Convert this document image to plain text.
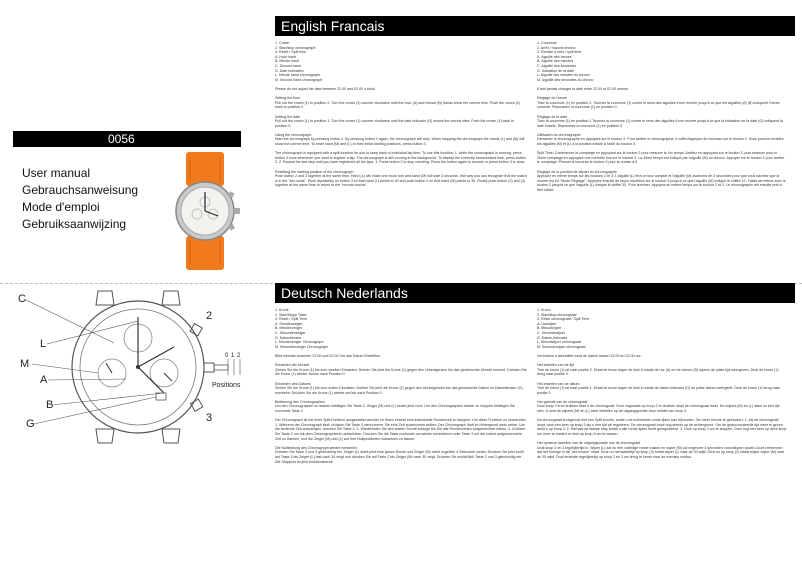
English Francais
0056
User manual
Gebrauchsanweisung
Mode d'emploi
Gebruiksaanwijzing

1. Crown
2. Start/stop chronograph
3. Reset / Split time
A. Hour hand
B. Minute hand
C. Second hand
G. Date indication
L. Minute hand chronograph
M. Second hand chronograph

Please do not adjust the date between 22.00 and 02.00 o'clock.

Setting the time
Pull out the crown (1) to position 2. Turn the crown (1) counter clockwise until the hour (A) and minute (B) hands show the correct time. Push the crown (1) back to position 0.

Setting the date
Pull out the crown (1) to position 1. Turn the crown (1) counter clockwise until the date indicator (G) shows the correct date. Push the crown (1) back to position 0.

Using the chronograph
Start the chronograph by pressing button 2. By pressing button 2 again, the chronograph will stop. When stopping the chronograph the hands (L) and (M) will show the correct time. To reset hand (M) and (L) to their initial starting positions, press button 3.

The chronograph is equipped with a split function for you to keep track of individual lap time. To use this function: 1. while the chronograph is running, press button 3 once whenever you want to register a lap. The chronograph is still running in the background. To display the currently accumulated time, press button 3. 2. Repeat the last step until you have registered all the laps. 3. Press button 2 to stop counting. Press the button again to resume or press button 3 to clear.

Resetting the starting position of the chronograph
Push button 2 and 3 together at the same time. Hand (L) will make one clock turn and hand (M) will start 4 seconds, that way you can recognize that the watch is in the "set-mode". Push repeatedly on button 3 so that hand (L) points to 30 and push button 2 so that hand (M) points to 30. Finally push button (2) and (3) together at the same time to return to the "normal-modus".

1. Couronne
2. Arrêt / marche chrono
3. Remise à zéro / split time
A. Aiguille des heures
B. Aiguille des minutes
C. Aiguille des secondes
G. Indication de la date
L. Aiguille des minutes du chrono
M. Aiguille des secondes du chrono

Il faut jamais changer la date entre 22.00 et 02.00 heures.

Réglage de l'heure
Tirez la couronne (1) en position 2. Tournez la couronne (1) contre le sens des aiguilles d'une montre jusqu'à ce que les aiguilles (A) (B) indiquent l'heure correcte. Repoussez la couronne (1) en position 0.

Réglage de la date
Tirez la couronne (1) en position 1 Tournez la couronne (1) contre le sens des aiguilles d'une montre jusqu'à ce que la indication de la date (G) indiquent la date exacte. Repoussez la couronne (1) en position 0.

Utilisation du chronographe
Démarrez le chronographe en appuyant sur le bouton 2. Pour arrêter le chronographe, il suffit d'appuyer de nouveau sur le bouton 2. Vous pouvez remettre les aiguilles (M) et (L) à la position initiale à l'aide du bouton 3.

Split Time: Commencer le comptage en appuyant sur le bouton 2 pour mesurer le 1er temps. Arrêtez en appuyant sur le bouton 3, puis relancer pour le 2ème comptage en appuyant une nouvelle fois sur le bouton 3. La 3ème temps est indiqué par l'aiguille (M) du chrono. Appuyer sur le bouton 2 pour arrêter le comptage. Presser à nouveau le bouton 3 pour la remise à 0.

Réglage de la position de départ du chronographe
Appuyez en même temps sur les boutons 2 et 3. L'aiguille (L) fera un tour complet et l'aiguille (M) avancera de 4 secondes pour que vous sachiez que la montre est en "Mode Réglage". Appuyez ensuite de façon répétitive sur le bouton 3 jusqu'à ce que l'aiguille (M) indique le chiffre 12. Faites de même avec le bouton 2 jusqu'à ce que l'aiguille (L) indique le chiffre 30. Pour terminer, appuyez en même temps sur le bouton 2 et 3. Le chronographe est ensuite prêt à être utilisé.

Deutsch Nederlands
C
L
M
A
B
G
2
3
0 1 2
Positions

1. Krone
2. Start/Stopp Taste
3. Reset / Split Time
A. Stundenzeiger
B. Minutenzeiger
C. Sekundenzeiger
G. Datumfenster
L. Minutenzeiger Chronograph
M. Sekundenzeiger Chronograph

Bitte niemals zwischen 22.00 und 02.00 Uhr das Datum Einstellen.

Einstellen der Uhrzeit
Ziehen Sie die Krone (1) bis zum zweiten Einrasten. Drehen Sie jetzt die Krone (1) gegen den Uhrzeigersinn bis das gewünschte Uhrzeit erreicht. Drücken Sie die Krone (1) wieder zurück nach Position 0.

Einstellen des Datums
Ziehen Sie die Krone (1) bis zum ersten Einrasten. Drehen Sie jetzt die Krone (1) gegen den Uhrzeigersinn bis das gewünschte Datum im Datumfenster (G) erscheint. Drücken Sie die Krone (1) wieder zurück nach Position 0.

Bedienung des Chronographen
Um den Chronographen zu starten betätigen Sie Taste 2. Zeiger (M) und (L) laufen jetzt rund. Um den Chronographen wieder zu stoppen betätigen Sie nochmals Taste 2.

Der Chronograph ist mit einer Split-Funktion ausgestattet welcher es Ihnen erlaubt eine individuelle Rundenzeit zu stoppen. Um diese Funktion zu verwenden: 1. Während der Chronograph läuft, drücken Sie Taste 3 wenn immer Sie eine Zeit aufzeichnen wollen. Der Chronograph läuft im Hintergrund stets weiter. Um die laufende Zeit anzuzeigen, drücken Sie Taste 3. 2. Wiederholen Sie den letzten Schritt solange bis Sie alle Rundenzeiten aufgezeichnet haben. 3. Drücken Sie Taste 2 um mit dem Chronographieren aufzuhören. Drücken Sie die Taste nochmals um wieder fortzufahren oder Taste 3 um die zuletzt aufgezeichnete Zeit zu löschen, und die Zeiger (M) und (L) auf Ihre Nullpositionen rücksetzen zu lassen.

Die Nullstellung des Chronograph wieder herstellen
Drücken Sie Taste 2 und 3 gleichzeitig ein. Zeiger (L) dreht jetzt eine ganze Runde und Zeiger (M) dreht ungefähr 4 Sekunden weiter. Drücken Sie jetzt sooft auf Taste 3 bis Zeiger (L) fast nach 30 zeigt und drücken Sie auf Taste 2 bis Zeiger (M) nach 30 zeigt. Drücken Sie schließlich Taste 2 und 3 gleichzeitig ein. Die Stoppuhr ist jetzt funktionsbereit.

1. Kroon
2. Start/stop chronograaf
3. Reset chronograaf / Split Time
A. Uurwijzer
B. Minuutwijzer
C. Secondewijzer
G. Datum indicator
L. Minuutwijzer chronograaf
M. Secondewijzer chronograaf

Verzoeken u alstublieft nooit de datum tussen 22.00 en 02.00 uur.

Het instellen van de tijd
Trek de kroon (1) uit naar positie 2. Draai de kroon tegen de klok in totdat de uur (A) en de minuut (B) wijzers de juiste tijd weergeven. Druk de kroon (1) terug naar positie 0.

Het instellen van de datum
Trek de kroon (1) uit naar positie 1. Draai de kroon tegen de klok in totdat de datum indicator (G) de juiste datum weergeeft. Druk de kroon (1) terug naar positie 0.

Het gebruik van de chronograaf
Door knop 2 in te drukken start u de chronograaf. Door nogmaals op knop 2 te drukken stopt de chronograaf weer. De wijzers (M) en (L) laten nu een tijd zien. U kunt de wijzers (M) en (L) weer instellen op de uitgangspositie door middel van knop 3.

De chronograaf is uitgerust met een Split functie, zodat u de individuele ronde tijden kan bijhouden. Om deze functie te gebruiken: 1. Als de chronograaf loopt, druk één keer op knop 3 als u een tijd wil registeren. De chronograaf loopt nog steeds op de achtergrond. Om de geaccumuleerde tijd weer te geven drukt u op knop 3. 2. Herhaal de laatste stap totdat u alle ronde tijden heeft geregistreerd. 3. Druk op knop 2 om te stoppen. Druk nog een keer op deze knop om weer te starten of druk op knop 3 om te wissen.

Het opnieuw instellen van de uitgangspositie van de chronograaf
Druk knop 2 en 3 tegelijkertijd in. Wijzer (L) zal nu één volledige ronde maken en wijzer (M) zal ongeveer 4 seconden vooruitlopen opdat u kunt herkennen dat het horloge in de "set-modus" staat. Druk nu herhaaldelijk op knop (3) totdat wijzer (L) naar de 30 wijst. Druk nu op knop (2) totdat wijzer wijzer (M) naar de 30 wijst. Druk tenslotte tegelijkertijd op knop 2 en 3 om terug te keren naar de normale modus.
